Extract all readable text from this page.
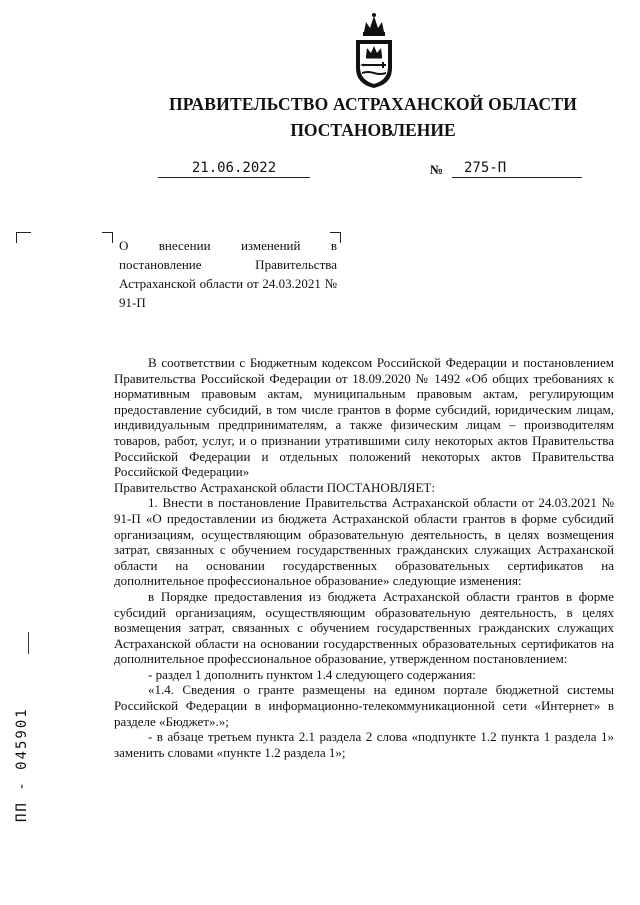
ПРАВИТЕЛЬСТВО АСТРАХАНСКОЙ ОБЛАСТИ
ПОСТАНОВЛЕНИЕ
21.06.2022	№	275-П
О внесении изменений в постановление Правительства Астраханской области от 24.03.2021 № 91-П

В соответствии с Бюджетным кодексом Российской Федерации и постановлением Правительства Российской Федерации от 18.09.2020 № 1492 «Об общих требованиях к нормативным правовым актам, муниципальным правовым актам, регулирующим предоставление субсидий, в том числе грантов в форме субсидий, юридическим лицам, индивидуальным предпринимателям, а также физическим лицам – производителям товаров, работ, услуг, и о признании утратившими силу некоторых актов Правительства Российской Федерации и отдельных положений некоторых актов Правительства Российской Федерации»

Правительство Астраханской области ПОСТАНОВЛЯЕТ:

1. Внести в постановление Правительства Астраханской области от 24.03.2021 № 91-П «О предоставлении из бюджета Астраханской области грантов в форме субсидий организациям, осуществляющим образовательную деятельность, в целях возмещения затрат, связанных с обучением государственных гражданских служащих Астраханской области на основании государственных образовательных сертификатов на дополнительное профессиональное образование» следующие изменения:

в Порядке предоставления из бюджета Астраханской области грантов в форме субсидий организациям, осуществляющим образовательную деятельность, в целях возмещения затрат, связанных с обучением государственных гражданских служащих Астраханской области на основании государственных образовательных сертификатов на дополнительное профессиональное образование, утвержденном постановлением:

- раздел 1 дополнить пунктом 1.4 следующего содержания:

«1.4. Сведения о гранте размещены на едином портале бюджетной системы Российской Федерации в информационно-телекоммуникационной сети «Интернет» в разделе «Бюджет».»;

- в абзаце третьем пункта 2.1 раздела 2 слова «подпункте 1.2 пункта 1 раздела 1» заменить словами «пункте 1.2 раздела 1»;

ПП - 045901
